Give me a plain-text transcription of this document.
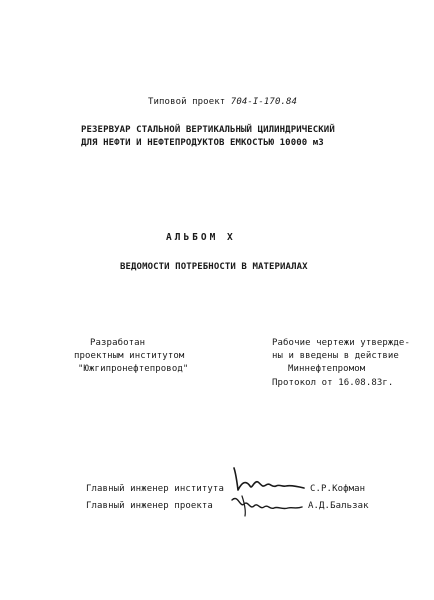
Типовой проект 704-I-170.84
РЕЗЕРВУАР СТАЛЬНОЙ ВЕРТИКАЛЬНЫЙ ЦИЛИНДРИЧЕСКИЙ
ДЛЯ НЕФТИ И НЕФТЕПРОДУКТОВ ЕМКОСТЬЮ 10000 м3
АЛЬБОМ X
ВЕДОМОСТИ ПОТРЕБНОСТИ В МАТЕРИАЛАХ
Разработан
проектным институтом
"Южгипронефтепровод"
Рабочие чертежи утвержде-
ны и введены в действие
Миннефтепромом
Протокол от 16.08.83г.
Главный инженер института
Главный инженер проекта
С.Р.Кофман
А.Д.Бальзак
